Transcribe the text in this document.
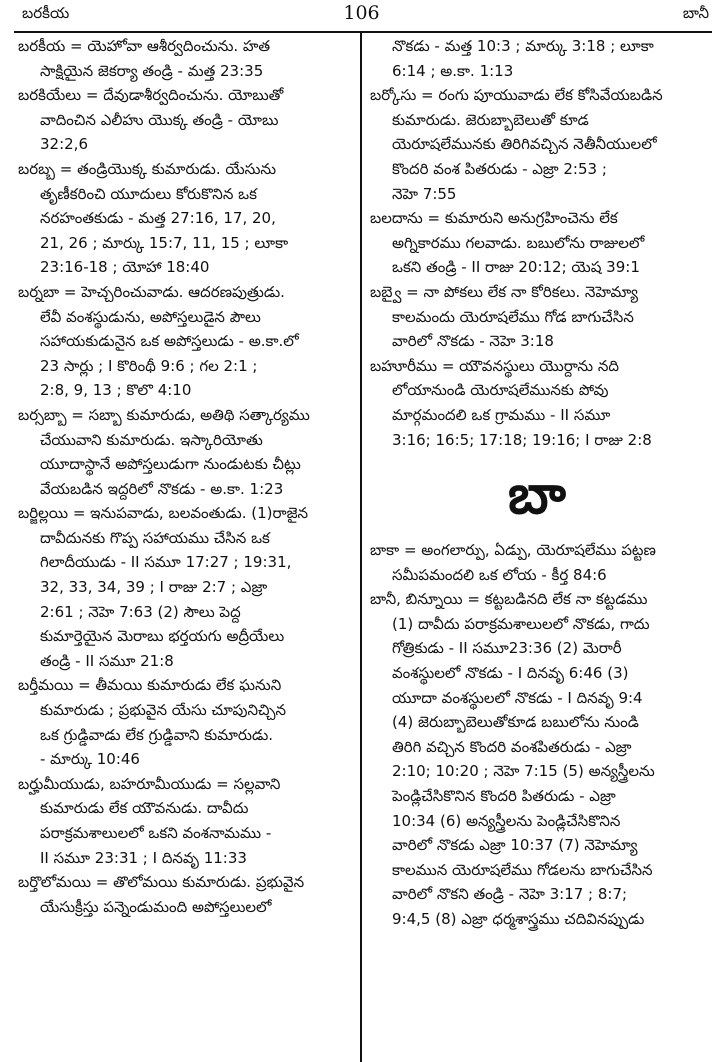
బరకీయ	106	బానీ
బరకీయ = యెహోవా ఆశీర్వదించును. హత
సాక్షియైన జెకర్యా తండ్రి - మత్త 23:35
బరకియేలు = దేవుడాశీర్వదించును. యోబుతో
వాదించిన ఎలీహు యొక్క తండ్రి - యోబు
32:2,6
బరబ్బ = తండ్రియొక్క కుమారుడు. యేసును
తృణీకరించి యూదులు కోరుకొనిన ఒక
నరహంతకుడు - మత్త 27:16, 17, 20,
21, 26 ; మార్కు 15:7, 11, 15 ; లూకా
23:16-18 ; యోహా 18:40
బర్నబా = హెచ్చరించువాడు. ఆదరణపుత్రుడు.
లేవీ వంశస్థుడును, అపోస్తలుడైన పౌలు
సహాయకుడునైన ఒక అపోస్తలుడు - అ.కా.లో
23 సార్లు ; I కొరింథీ 9:6 ; గల 2:1 ;
2:8, 9, 13 ; కొలొ 4:10
బర్సబ్బా = సబ్బా కుమారుడు, అతిథి సత్కార్యము
చేయువాని కుమారుడు. ఇస్కారియోతు
యూదాస్థానే అపోస్తలుడుగా నుండుటకు చీట్లు
వేయబడిన ఇద్దరిలో నొకడు - అ.కా. 1:23
బర్జిల్లయి = ఇనుపవాడు, బలవంతుడు. (1)రాజైన
దావీదునకు గొప్ప సహాయము చేసిన ఒక
గిలాదీయుడు - II సమూ 17:27 ; 19:31,
32, 33, 34, 39 ; I రాజు 2:7 ; ఎజ్రా
2:61 ; నెహె 7:63 (2) సౌలు పెద్ద
కుమార్తెయైన మెరాబు భర్తయగు అద్రీయేలు
తండ్రి - II సమూ 21:8
బర్తీమయి = తీమయి కుమారుడు లేక ఘనుని
కుమారుడు ; ప్రభువైన యేసు చూపునిచ్చిన
ఒక గ్రుడ్డివాడు లేక గ్రుడ్డివాని కుమారుడు.
- మార్కు 10:46
బర్హుమీయుడు, బహరూమీయుడు = సల్లవాని
కుమారుడు లేక యౌవనుడు. దావీదు
పరాక్రమశాలులలో ఒకని వంశనామము -
II సమూ 23:31 ; I దినవృ 11:33
బర్తొలోమయి = తొలోమయి కుమారుడు. ప్రభువైన
యేసుక్రీస్తు పన్నెండుమంది అపోస్తలులలో
నొకడు - మత్త 10:3 ; మార్కు 3:18 ; లూకా
6:14 ; అ.కా. 1:13
బర్కోసు = రంగు పూయువాడు లేక కోసివేయబడిన
కుమారుడు. జెరుబ్బాబెలుతో కూడ
యెరూషలేమునకు తిరిగివచ్చిన నెతీనీయులలో
కొందరి వంశ పితరుడు - ఎజ్రా 2:53 ;
నెహె 7:55
బలదాను = కుమారుని అనుగ్రహించెను లేక
అగ్నికారము గలవాడు. బబులోను రాజులలో
ఒకని తండ్రి - II రాజు 20:12; యెష 39:1
బబ్వై = నా పోకలు లేక నా కోరికలు. నెహెమ్యా
కాలమందు యెరూషలేము గోడ బాగుచేసిన
వారిలో నొకడు - నెహె 3:18
బహూరీము = యౌవనస్థులు యొర్దాను నది
లోయానుండి యెరూషలేమునకు పోవు
మార్గమందలి ఒక గ్రామము - II సమూ
3:16; 16:5; 17:18; 19:16; I రాజు 2:8
బా
బాకా = అంగలార్పు, ఏడ్పు, యెరూషలేము పట్టణ
సమీపమందలి ఒక లోయ - కీర్త 84:6
బానీ, బిన్నూయి = కట్టబడినది లేక నా కట్టడము
(1) దావీదు పరాక్రమశాలులలో నొకడు, గాదు
గోత్రికుడు - II సమూ23:36 (2) మెరారీ
వంశస్థులలో నొకడు - I దినవృ 6:46 (3)
యూదా వంశస్థులలో నొకడు - I దినవృ 9:4
(4) జెరుబ్బాబెలుతోకూడ బబులోను నుండి
తిరిగి వచ్చిన కొందరి వంశపితరుడు - ఎజ్రా
2:10; 10:20 ; నెహె 7:15 (5) అన్యస్త్రీలను
పెండ్లిచేసికొనిన కొందరి పితరుడు - ఎజ్రా
10:34 (6) అన్యస్త్రీలను పెండ్లిచేసికొనిన
వారిలో నొకడు ఎజ్రా 10:37 (7) నెహెమ్యా
కాలమున యెరూషలేము గోడలను బాగుచేసిన
వారిలో నొకని తండ్రి - నెహె 3:17 ; 8:7;
9:4,5 (8) ఎజ్రా ధర్మశాస్త్రము చదివినప్పుడు
